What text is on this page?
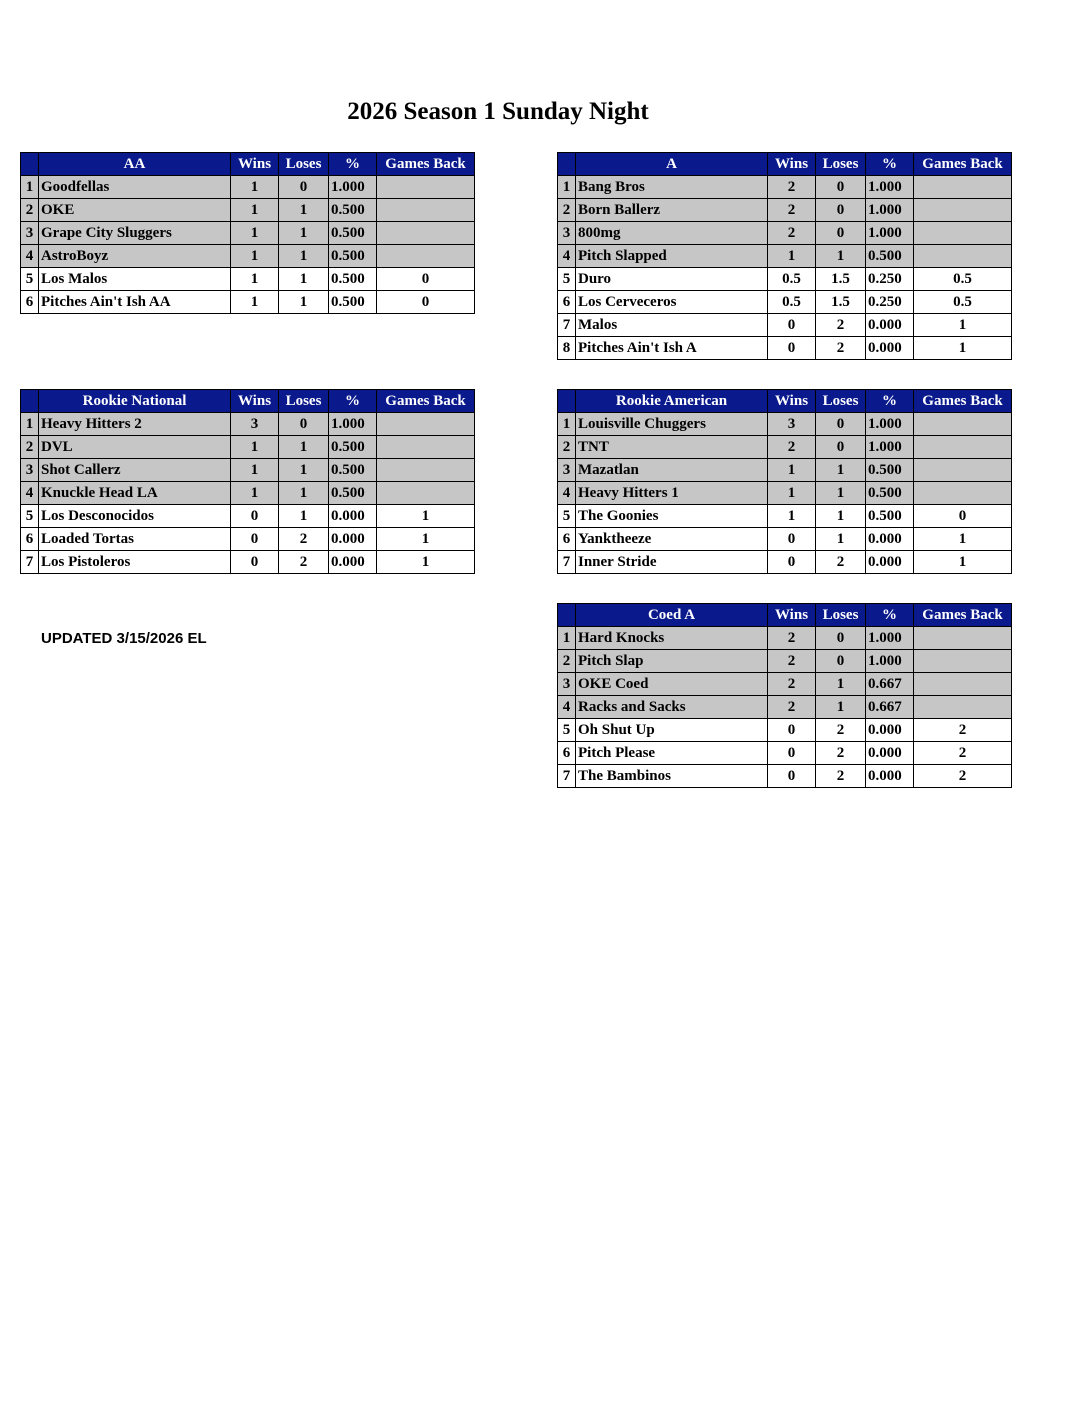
2026 Season 1 Sunday Night
	AA	Wins	Loses	%	Games Back
1	Goodfellas	1	0	1.000	
2	OKE	1	1	0.500	
3	Grape City Sluggers	1	1	0.500	
4	AstroBoyz	1	1	0.500	
5	Los Malos	1	1	0.500	0
6	Pitches Ain't Ish AA	1	1	0.500	0
	A	Wins	Loses	%	Games Back
1	Bang Bros	2	0	1.000	
2	Born Ballerz	2	0	1.000	
3	800mg	2	0	1.000	
4	Pitch Slapped	1	1	0.500	
5	Duro	0.5	1.5	0.250	0.5
6	Los Cerveceros	0.5	1.5	0.250	0.5
7	Malos	0	2	0.000	1
8	Pitches Ain't Ish A	0	2	0.000	1
	Rookie National	Wins	Loses	%	Games Back
1	Heavy Hitters 2	3	0	1.000	
2	DVL	1	1	0.500	
3	Shot Callerz	1	1	0.500	
4	Knuckle Head LA	1	1	0.500	
5	Los Desconocidos	0	1	0.000	1
6	Loaded Tortas	0	2	0.000	1
7	Los Pistoleros	0	2	0.000	1
	Rookie American	Wins	Loses	%	Games Back
1	Louisville Chuggers	3	0	1.000	
2	TNT	2	0	1.000	
3	Mazatlan	1	1	0.500	
4	Heavy Hitters 1	1	1	0.500	
5	The Goonies	1	1	0.500	0
6	Yanktheeze	0	1	0.000	1
7	Inner Stride	0	2	0.000	1
UPDATED 3/15/2026 EL
	Coed A	Wins	Loses	%	Games Back
1	Hard Knocks	2	0	1.000	
2	Pitch Slap	2	0	1.000	
3	OKE Coed	2	1	0.667	
4	Racks and Sacks	2	1	0.667	
5	Oh Shut Up	0	2	0.000	2
6	Pitch Please	0	2	0.000	2
7	The Bambinos	0	2	0.000	2
